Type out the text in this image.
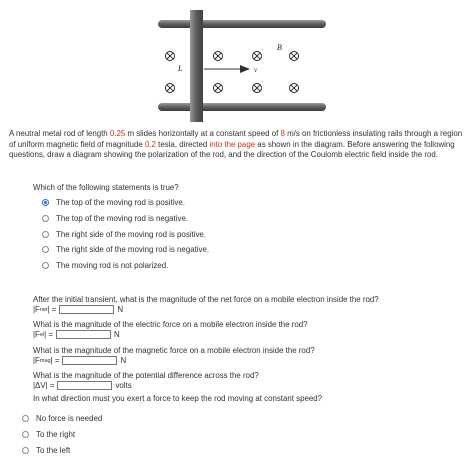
B
L	v
A neutral metal rod of length 0.25 m slides horizontally at a constant speed of 8 m/s on frictionless insulating rails through a region of uniform magnetic field of magnitude 0.2 tesla, directed into the page as shown in the diagram. Before answering the following questions, draw a diagram showing the polarization of the rod, and the direction of the Coulomb electric field inside the rod.
Which of the following statements is true?
The top of the moving rod is positive.
The top of the moving rod is negative.
The right side of the moving rod is positive.
The right side of the moving rod is negative.
The moving rod is not polarized.
After the initial transient, what is the magnitude of the net force on a mobile electron inside the rod?
|F net | =	N
What is the magnitude of the electric force on a mobile electron inside the rod?
|F el | =	N
What is the magnitude of the magnetic force on a mobile electron inside the rod?
|F mag | =	N
What is the magnitude of the potential difference across the rod?
|ΔV| =	volts
In what direction must you exert a force to keep the rod moving at constant speed?
No force is needed
To the right
To the left
